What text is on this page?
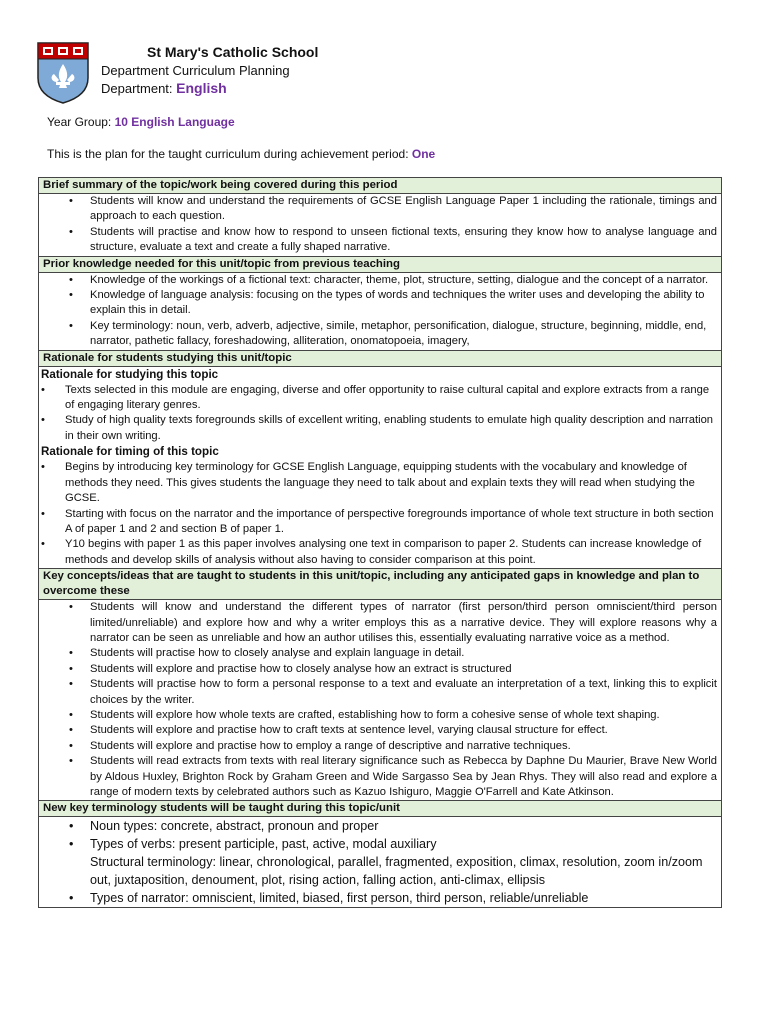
St Mary's Catholic School
Department Curriculum Planning
Department: English
Year Group: 10 English Language
This is the plan for the taught curriculum during achievement period: One
Brief summary of the topic/work being covered during this period

• Students will know and understand the requirements of GCSE English Language Paper 1 including the rationale, timings and approach to each question.
• Students will practise and know how to respond to unseen fictional texts, ensuring they know how to analyse language and structure, evaluate a text and create a fully shaped narrative.

Prior knowledge needed for this unit/topic from previous teaching

• Knowledge of the workings of a fictional text: character, theme, plot, structure, setting, dialogue and the concept of a narrator.
• Knowledge of language analysis: focusing on the types of words and techniques the writer uses and developing the ability to explain this in detail.
• Key terminology: noun, verb, adverb, adjective, simile, metaphor, personification, dialogue, structure, beginning, middle, end, narrator, pathetic fallacy, foreshadowing, alliteration, onomatopoeia, imagery,

Rationale for students studying this unit/topic

Rationale for studying this topic
• Texts selected in this module are engaging, diverse and offer opportunity to raise cultural capital and explore extracts from a range of engaging literary genres.
• Study of high quality texts foregrounds skills of excellent writing, enabling students to emulate high quality description and narration in their own writing.
Rationale for timing of this topic
• Begins by introducing key terminology for GCSE English Language, equipping students with the vocabulary and knowledge of methods they need. This gives students the language they need to talk about and explain texts they will read when studying the GCSE.
• Starting with focus on the narrator and the importance of perspective foregrounds importance of whole text structure in both section A of paper 1 and 2 and section B of paper 1.
• Y10 begins with paper 1 as this paper involves analysing one text in comparison to paper 2. Students can increase knowledge of methods and develop skills of analysis without also having to consider comparison at this point.

Key concepts/ideas that are taught to students in this unit/topic, including any anticipated gaps in knowledge and plan to overcome these

• Students will know and understand the different types of narrator (first person/third person omniscient/third person limited/unreliable) and explore how and why a writer employs this as a narrative device. They will explore reasons why a narrator can be seen as unreliable and how an author utilises this, essentially evaluating narrative voice as a method.
• Students will practise how to closely analyse and explain language in detail.
• Students will explore and practise how to closely analyse how an extract is structured
• Students will practise how to form a personal response to a text and evaluate an interpretation of a text, linking this to explicit choices by the writer.
• Students will explore how whole texts are crafted, establishing how to form a cohesive sense of whole text shaping.
• Students will explore and practise how to craft texts at sentence level, varying clausal structure for effect.
• Students will explore and practise how to employ a range of descriptive and narrative techniques.
• Students will read extracts from texts with real literary significance such as Rebecca by Daphne Du Maurier, Brave New World by Aldous Huxley, Brighton Rock by Graham Green and Wide Sargasso Sea by Jean Rhys. They will also read and explore a range of modern texts by celebrated authors such as Kazuo Ishiguro, Maggie O'Farrell and Kate Atkinson.

New key terminology students will be taught during this topic/unit

• Noun types: concrete, abstract, pronoun and proper
• Types of verbs: present participle, past, active, modal auxiliary
Structural terminology: linear, chronological, parallel, fragmented, exposition, climax, resolution, zoom in/zoom out, juxtaposition, denoument, plot, rising action, falling action, anti-climax, ellipsis
• Types of narrator: omniscient, limited, biased, first person, third person, reliable/unreliable
